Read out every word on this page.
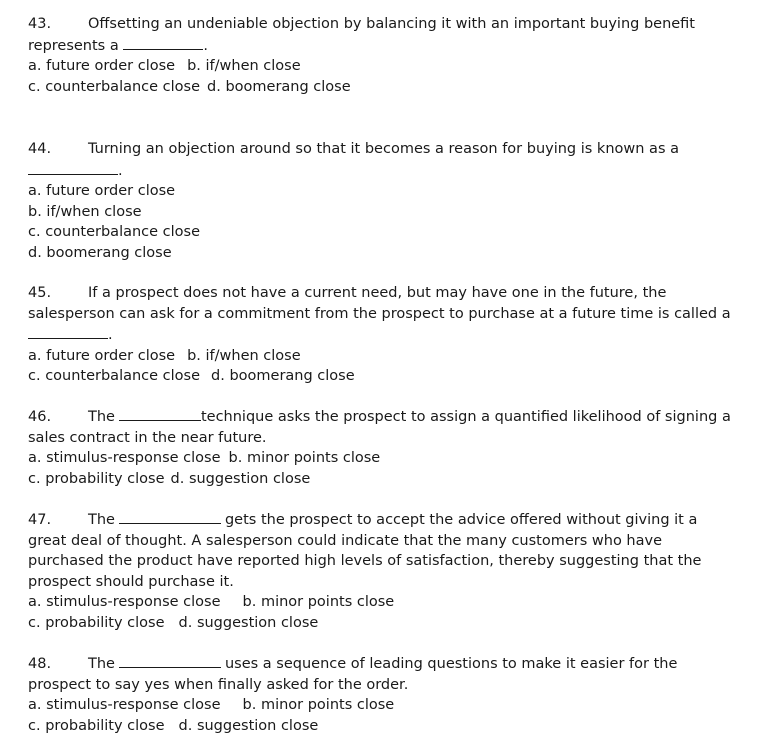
43.	Offsetting an undeniable objection by balancing it with an important buying benefit
represents a	.
a. future order close b. if/when close
c. counterbalance close d. boomerang close
44.	Turning an objection around so that it becomes a reason for buying is known as a
.
a. future order close
b. if/when close
c. counterbalance close
d. boomerang close
45.	If a prospect does not have a current need, but may have one in the future, the
salesperson can ask for a commitment from the prospect to purchase at a future time is called a
.
a. future order close b. if/when close
c. counterbalance close d. boomerang close
46.	The	technique asks the prospect to assign a quantified likelihood of signing a
sales contract in the near future.
a. stimulus-response close b. minor points close
c. probability close d. suggestion close
47.	The	gets the prospect to accept the advice offered without giving it a
great deal of thought. A salesperson could indicate that the many customers who have
purchased the product have reported high levels of satisfaction, thereby suggesting that the
prospect should purchase it.
a. stimulus-response close b. minor points close
c. probability close d. suggestion close
48.	The	uses a sequence of leading questions to make it easier for the
prospect to say yes when finally asked for the order.
a. stimulus-response close b. minor points close
c. probability close d. suggestion close
